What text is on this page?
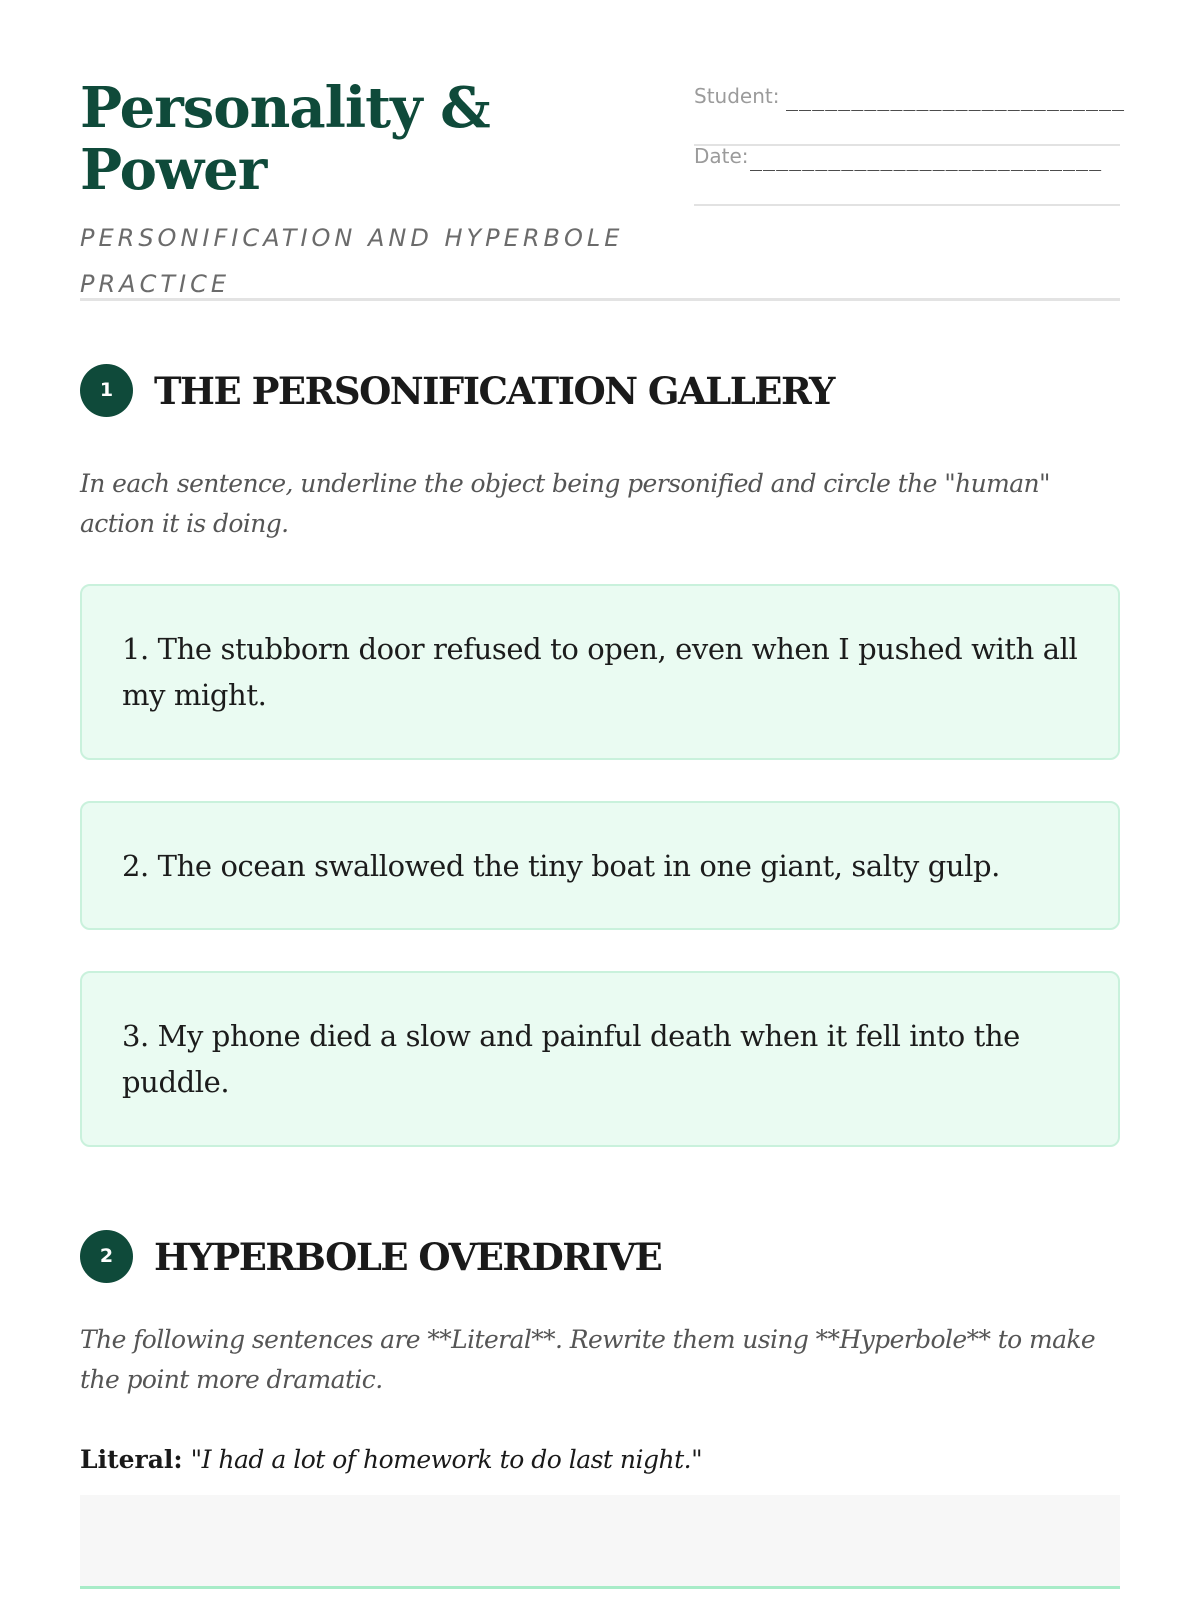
Personality & Power

PERSONIFICATION AND HYPERBOLE PRACTICE

Student: __________________________
Date: ___________________________
1	THE PERSONIFICATION GALLERY

In each sentence, underline the object being personified and circle the "human" action it is doing.

1. The stubborn door refused to open, even when I pushed with all my might.

2. The ocean swallowed the tiny boat in one giant, salty gulp.

3. My phone died a slow and painful death when it fell into the puddle.

2	HYPERBOLE OVERDRIVE

The following sentences are **Literal**. Rewrite them using **Hyperbole** to make the point more dramatic.

Literal: "I had a lot of homework to do last night."
